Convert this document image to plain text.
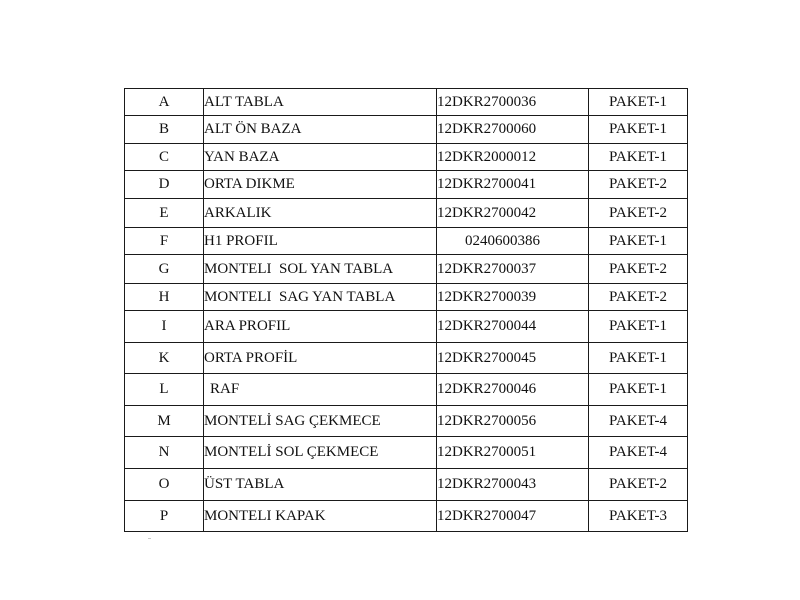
A	ALT TABLA	12DKR2700036	PAKET-1
B	ALT ÖN BAZA	12DKR2700060	PAKET-1
C	YAN BAZA	12DKR2000012	PAKET-1
D	ORTA DIKME	12DKR2700041	PAKET-2
E	ARKALIK	12DKR2700042	PAKET-2
F	H1 PROFIL	0240600386	PAKET-1
G	MONTELI  SOL YAN TABLA	12DKR2700037	PAKET-2
H	MONTELI  SAG YAN TABLA	12DKR2700039	PAKET-2
I	ARA PROFIL	12DKR2700044	PAKET-1
K	ORTA PROFİL	12DKR2700045	PAKET-1
L	RAF	12DKR2700046	PAKET-1
M	MONTELİ SAG ÇEKMECE	12DKR2700056	PAKET-4
N	MONTELİ SOL ÇEKMECE	12DKR2700051	PAKET-4
O	ÜST TABLA	12DKR2700043	PAKET-2
P	MONTELI KAPAK	12DKR2700047	PAKET-3
